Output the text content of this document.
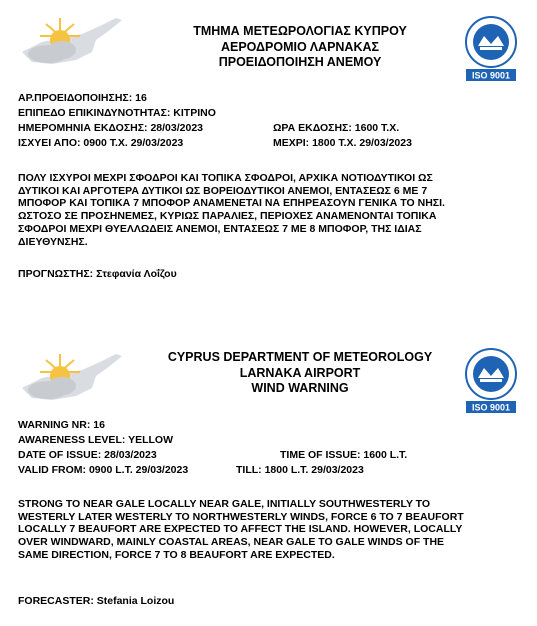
ΤΜΗΜΑ ΜΕΤΕΩΡΟΛΟΓΙΑΣ ΚΥΠΡΟΥ
ΑΕΡΟΔΡΟΜΙΟ ΛΑΡΝΑΚΑΣ
ΠΡΟΕΙΔΟΠΟΙΗΣΗ ΑΝΕΜΟΥ
ISO 9001
ΑΡ.ΠΡΟΕΙΔΟΠΟΙΗΣΗΣ: 16
ΕΠΙΠΕΔΟ ΕΠΙΚΙΝΔΥΝΟΤΗΤΑΣ: ΚΙΤΡΙΝΟ
ΗΜΕΡΟΜΗΝΙΑ ΕΚΔΟΣΗΣ: 28/03/2023	ΩΡΑ ΕΚΔΟΣΗΣ: 1600 Τ.Χ.
ΙΣΧΥΕΙ ΑΠΟ: 0900 Τ.Χ. 29/03/2023	ΜΕΧΡΙ: 1800 Τ.Χ. 29/03/2023
ΠΟΛΥ ΙΣΧΥΡΟΙ ΜΕΧΡΙ ΣΦΟΔΡΟΙ ΚΑΙ ΤΟΠΙΚΑ ΣΦΟΔΡΟΙ, ΑΡΧΙΚΑ ΝΟΤΙΟΔΥΤΙΚΟΙ ΩΣ
ΔΥΤΙΚΟΙ ΚΑΙ ΑΡΓΟΤΕΡΑ ΔΥΤΙΚΟΙ ΩΣ ΒΟΡΕΙΟΔΥΤΙΚΟΙ ΑΝΕΜΟΙ, ΕΝΤΑΣΕΩΣ 6 ΜΕ 7
ΜΠΟΦΟΡ ΚΑΙ ΤΟΠΙΚΑ 7 ΜΠΟΦΟΡ ΑΝΑΜΕΝΕΤΑΙ ΝΑ ΕΠΗΡΕΑΣΟΥΝ ΓΕΝΙΚΑ ΤΟ ΝΗΣΙ.
ΩΣΤΟΣΟ ΣΕ ΠΡΟΣΗΝΕΜΕΣ, ΚΥΡΙΩΣ ΠΑΡΑΛΙΕΣ, ΠΕΡΙΟΧΕΣ ΑΝΑΜΕΝΟΝΤΑΙ ΤΟΠΙΚΑ
ΣΦΟΔΡΟΙ ΜΕΧΡΙ ΘΥΕΛΛΩΔΕΙΣ ΑΝΕΜΟΙ, ΕΝΤΑΣΕΩΣ 7 ΜΕ 8 ΜΠΟΦΟΡ, ΤΗΣ ΙΔΙΑΣ
ΔΙΕΥΘΥΝΣΗΣ.
ΠΡΟΓΝΩΣΤΗΣ: Στεφανία Λοΐζου
CYPRUS DEPARTMENT OF METEOROLOGY
LARNAKA AIRPORT
WIND WARNING
ISO 9001
WARNING NR: 16
AWARENESS LEVEL: YELLOW
DATE OF ISSUE: 28/03/2023	TIME OF ISSUE: 1600 L.T.
VALID FROM: 0900 L.T. 29/03/2023	TILL: 1800 L.T. 29/03/2023
STRONG TO NEAR GALE LOCALLY NEAR GALE, INITIALLY SOUTHWESTERLY TO
WESTERLY LATER WESTERLY TO NORTHWESTERLY WINDS, FORCE 6 TO 7 BEAUFORT
LOCALLY 7 BEAUFORT ARE EXPECTED TO AFFECT THE ISLAND. HOWEVER, LOCALLY
OVER WINDWARD, MAINLY COASTAL AREAS, NEAR GALE TO GALE WINDS OF THE
SAME DIRECTION, FORCE 7 TO 8 BEAUFORT ARE EXPECTED.
FORECASTER: Stefania Loizou
